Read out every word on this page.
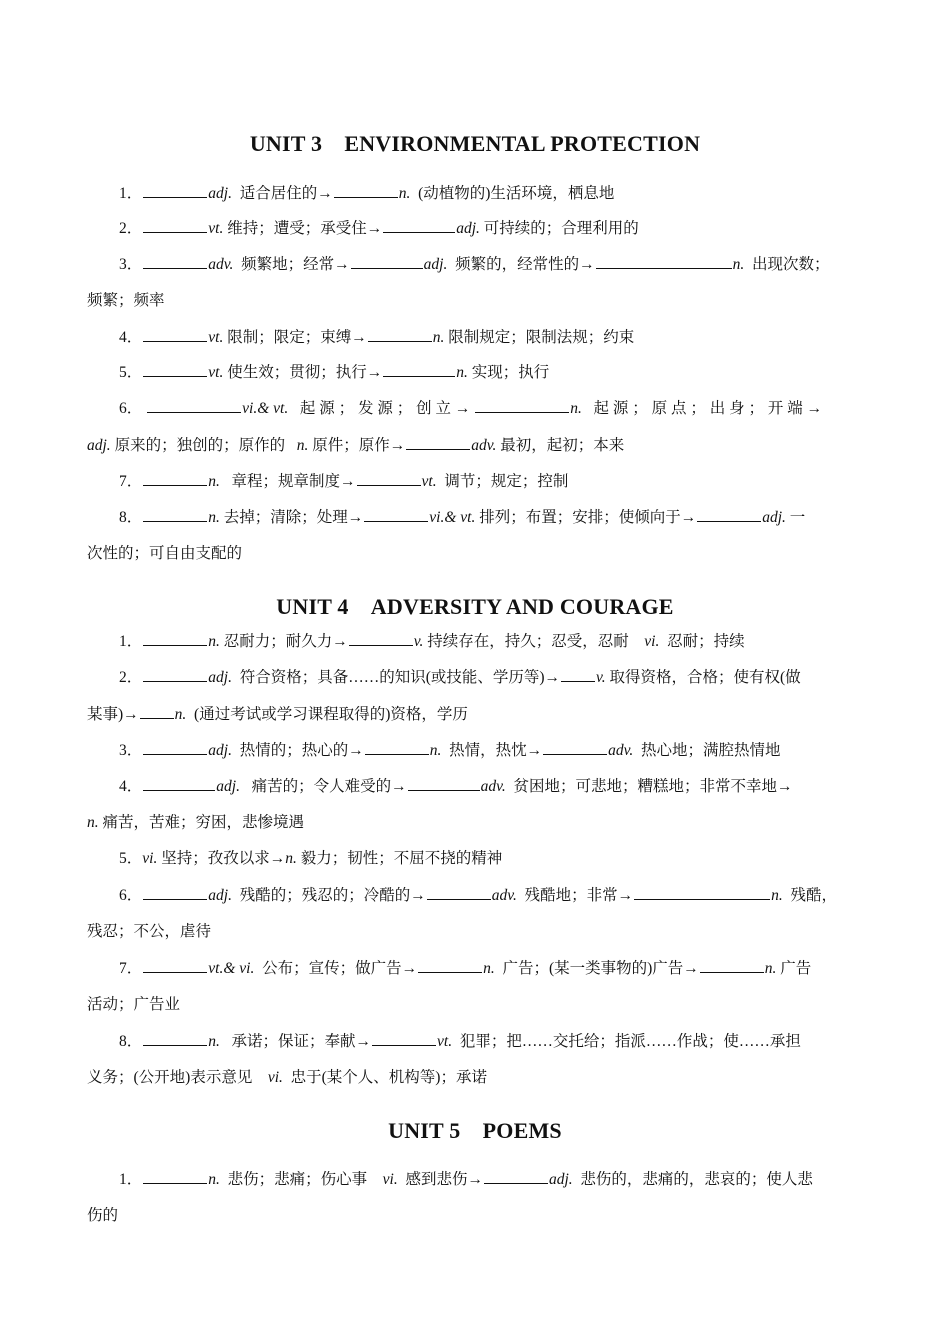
UNIT 3　ENVIRONMENTAL PROTECTION
1．	adj. 适合居住的→	n. (动植物的)生活环境，栖息地
2．	vt. 维持；遭受；承受住→	adj. 可持续的；合理利用的
3．	adv. 频繁地；经常→	adj. 频繁的，经常性的→	n. 出现次数；
频繁；频率
4．	vt. 限制；限定；束缚→	n. 限制规定；限制法规；约束
5．	vt. 使生效；贯彻；执行→	n. 实现；执行
6．	vi.& vt. 起 源 ； 发 源 ； 创 立 →	n. 起 源 ； 原 点 ； 出 身 ； 开 端 →
adj. 原来的；独创的；原作的 n. 原件；原作→	adv. 最初，起初；本来
7．	n. 章程；规章制度→	vt. 调节；规定；控制
8．	n. 去掉；清除；处理→	vi.& vt. 排列；布置；安排；使倾向于→	adj. 一
次性的；可自由支配的
UNIT 4　ADVERSITY AND COURAGE
1．	n. 忍耐力；耐久力→	v. 持续存在，持久；忍受，忍耐 vi. 忍耐；持续
2．	adj. 符合资格；具备……的知识(或技能、学历等)→ v. 取得资格，合格；使有权(做
某事)→ n. (通过考试或学习课程取得的)资格，学历
3．	adj. 热情的；热心的→	n. 热情，热忱→	adv. 热心地；满腔热情地
4．	adj. 痛苦的；令人难受的→	adv. 贫困地；可悲地；糟糕地；非常不幸地→
n. 痛苦，苦难；穷困，悲惨境遇
5．vi. 坚持；孜孜以求→n. 毅力；韧性；不屈不挠的精神
6．	adj. 残酷的；残忍的；冷酷的→	adv. 残酷地；非常→	n. 残酷，
残忍；不公，虐待
7．	vt.& vi. 公布；宣传；做广告→	n. 广告；(某一类事物的)广告→	n. 广告
活动；广告业
8．	n. 承诺；保证；奉献→	vt. 犯罪；把……交托给；指派……作战；使……承担
义务；(公开地)表示意见 vi. 忠于(某个人、机构等)；承诺
UNIT 5　POEMS
1．	n. 悲伤；悲痛；伤心事 vi. 感到悲伤→	adj. 悲伤的，悲痛的，悲哀的；使人悲
伤的
